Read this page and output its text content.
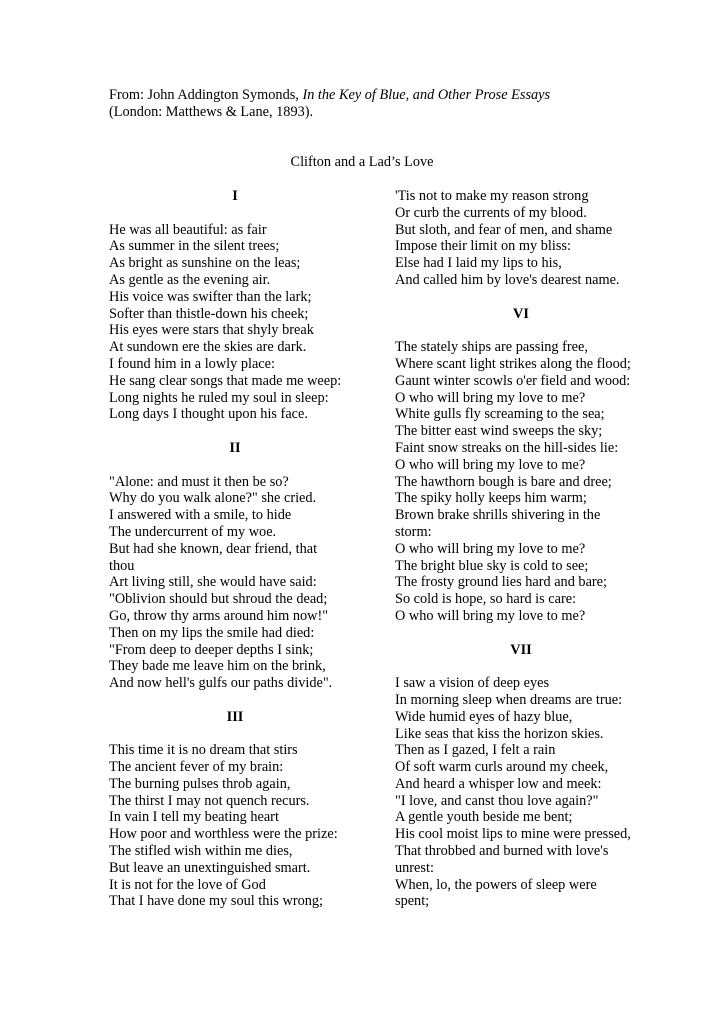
From: John Addington Symonds, In the Key of Blue, and Other Prose Essays

(London: Matthews & Lane, 1893).

Clifton and a Lad’s Love
I
He was all beautiful: as fair
As summer in the silent trees;
As bright as sunshine on the leas;
As gentle as the evening air.
His voice was swifter than the lark;
Softer than thistle-down his cheek;
His eyes were stars that shyly break
At sundown ere the skies are dark.
I found him in a lowly place:
He sang clear songs that made me weep:
Long nights he ruled my soul in sleep:
Long days I thought upon his face.
II
"Alone: and must it then be so?
Why do you walk alone?" she cried.
I answered with a smile, to hide
The undercurrent of my woe.
But had she known, dear friend, that
thou
Art living still, she would have said:
"Oblivion should but shroud the dead;
Go, throw thy arms around him now!"
Then on my lips the smile had died:
"From deep to deeper depths I sink;
They bade me leave him on the brink,
And now hell's gulfs our paths divide".
III
This time it is no dream that stirs
The ancient fever of my brain:
The burning pulses throb again,
The thirst I may not quench recurs.
In vain I tell my beating heart
How poor and worthless were the prize:
The stifled wish within me dies,
But leave an unextinguished smart.
It is not for the love of God
That I have done my soul this wrong;
'Tis not to make my reason strong
Or curb the currents of my blood.
But sloth, and fear of men, and shame
Impose their limit on my bliss:
Else had I laid my lips to his,
And called him by love's dearest name.
VI
The stately ships are passing free,
Where scant light strikes along the flood;
Gaunt winter scowls o'er field and wood:
O who will bring my love to me?
White gulls fly screaming to the sea;
The bitter east wind sweeps the sky;
Faint snow streaks on the hill-sides lie:
O who will bring my love to me?
The hawthorn bough is bare and dree;
The spiky holly keeps him warm;
Brown brake shrills shivering in the
storm:
O who will bring my love to me?
The bright blue sky is cold to see;
The frosty ground lies hard and bare;
So cold is hope, so hard is care:
O who will bring my love to me?
VII
I saw a vision of deep eyes
In morning sleep when dreams are true:
Wide humid eyes of hazy blue,
Like seas that kiss the horizon skies.
Then as I gazed, I felt a rain
Of soft warm curls around my cheek,
And heard a whisper low and meek:
"I love, and canst thou love again?"
A gentle youth beside me bent;
His cool moist lips to mine were pressed,
That throbbed and burned with love's
unrest:
When, lo, the powers of sleep were
spent;
